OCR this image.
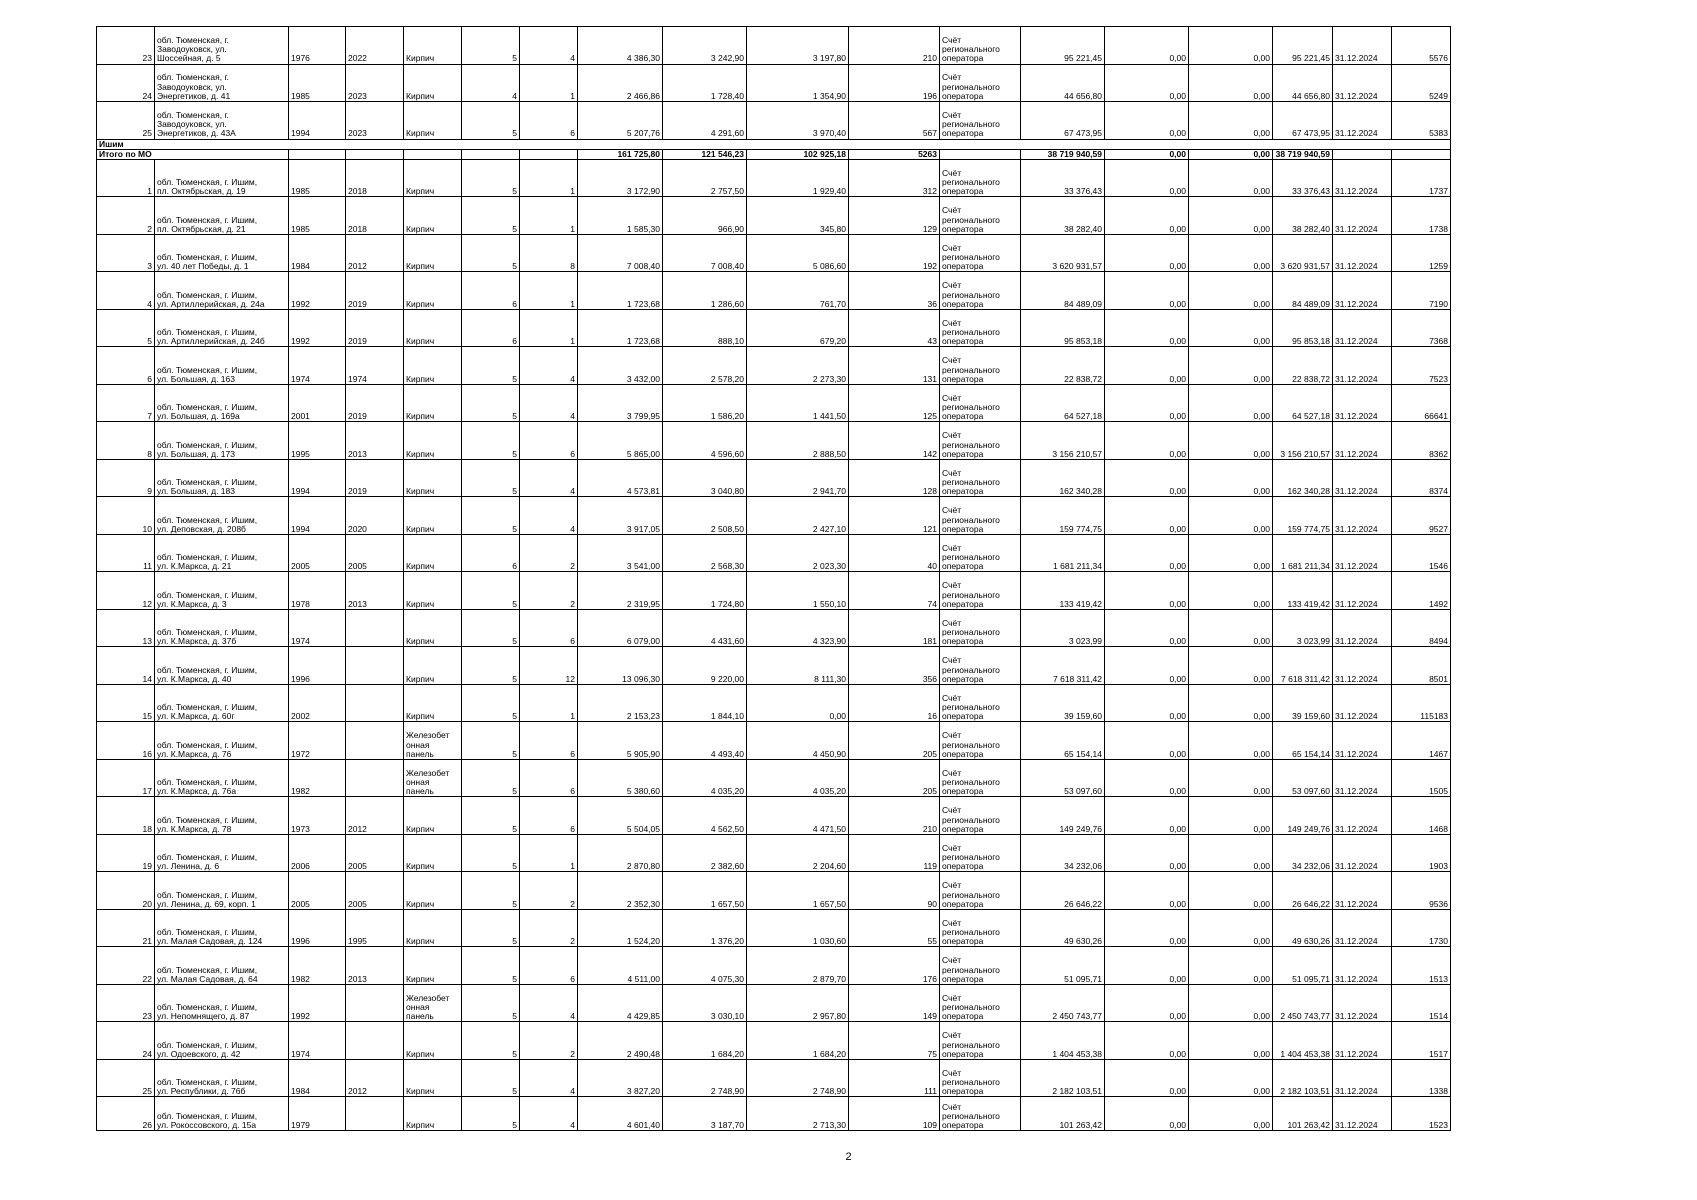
23	обл. Тюменская, г.
Заводоуковск, ул.
Шоссейная, д. 5	1976	2022	Кирпич	5	4	4 386,30	3 242,90	3 197,80	210	Счёт
регионального
оператора	95 221,45	0,00	0,00	95 221,45	31.12.2024	5576
24	обл. Тюменская, г.
Заводоуковск, ул.
Энергетиков, д. 41	1985	2023	Кирпич	4	1	2 466,86	1 728,40	1 354,90	196	Счёт
регионального
оператора	44 656,80	0,00	0,00	44 656,80	31.12.2024	5249
25	обл. Тюменская, г.
Заводоуковск, ул.
Энергетиков, д. 43А	1994	2023	Кирпич	5	6	5 207,76	4 291,60	3 970,40	567	Счёт
регионального
оператора	67 473,95	0,00	0,00	67 473,95	31.12.2024	5383
Ишим																	
Итого по МО							161 725,80	121 546,23	102 925,18	5263		38 719 940,59	0,00	0,00	38 719 940,59		
1	обл. Тюменская, г. Ишим,
пл. Октябрьская, д. 19	1985	2018	Кирпич	5	1	3 172,90	2 757,50	1 929,40	312	Счёт
регионального
оператора	33 376,43	0,00	0,00	33 376,43	31.12.2024	1737
2	обл. Тюменская, г. Ишим,
пл. Октябрьская, д. 21	1985	2018	Кирпич	5	1	1 585,30	966,90	345,80	129	Счёт
регионального
оператора	38 282,40	0,00	0,00	38 282,40	31.12.2024	1738
3	обл. Тюменская, г. Ишим,
ул. 40 лет Победы, д. 1	1984	2012	Кирпич	5	8	7 008,40	7 008,40	5 086,60	192	Счёт
регионального
оператора	3 620 931,57	0,00	0,00	3 620 931,57	31.12.2024	1259
4	обл. Тюменская, г. Ишим,
ул. Артиллерийская, д. 24а	1992	2019	Кирпич	6	1	1 723,68	1 286,60	761,70	36	Счёт
регионального
оператора	84 489,09	0,00	0,00	84 489,09	31.12.2024	7190
5	обл. Тюменская, г. Ишим,
ул. Артиллерийская, д. 24б	1992	2019	Кирпич	6	1	1 723,68	888,10	679,20	43	Счёт
регионального
оператора	95 853,18	0,00	0,00	95 853,18	31.12.2024	7368
6	обл. Тюменская, г. Ишим,
ул. Большая, д. 163	1974	1974	Кирпич	5	4	3 432,00	2 578,20	2 273,30	131	Счёт
регионального
оператора	22 838,72	0,00	0,00	22 838,72	31.12.2024	7523
7	обл. Тюменская, г. Ишим,
ул. Большая, д. 169а	2001	2019	Кирпич	5	4	3 799,95	1 586,20	1 441,50	125	Счёт
регионального
оператора	64 527,18	0,00	0,00	64 527,18	31.12.2024	66641
8	обл. Тюменская, г. Ишим,
ул. Большая, д. 173	1995	2013	Кирпич	5	6	5 865,00	4 596,60	2 888,50	142	Счёт
регионального
оператора	3 156 210,57	0,00	0,00	3 156 210,57	31.12.2024	8362
9	обл. Тюменская, г. Ишим,
ул. Большая, д. 183	1994	2019	Кирпич	5	4	4 573,81	3 040,80	2 941,70	128	Счёт
регионального
оператора	162 340,28	0,00	0,00	162 340,28	31.12.2024	8374
10	обл. Тюменская, г. Ишим,
ул. Деповская, д. 208б	1994	2020	Кирпич	5	4	3 917,05	2 508,50	2 427,10	121	Счёт
регионального
оператора	159 774,75	0,00	0,00	159 774,75	31.12.2024	9527
11	обл. Тюменская, г. Ишим,
ул. К.Маркса, д. 21	2005	2005	Кирпич	6	2	3 541,00	2 568,30	2 023,30	40	Счёт
регионального
оператора	1 681 211,34	0,00	0,00	1 681 211,34	31.12.2024	1546
12	обл. Тюменская, г. Ишим,
ул. К.Маркса, д. 3	1978	2013	Кирпич	5	2	2 319,95	1 724,80	1 550,10	74	Счёт
регионального
оператора	133 419,42	0,00	0,00	133 419,42	31.12.2024	1492
13	обл. Тюменская, г. Ишим,
ул. К.Маркса, д. 37б	1974		Кирпич	5	6	6 079,00	4 431,60	4 323,90	181	Счёт
регионального
оператора	3 023,99	0,00	0,00	3 023,99	31.12.2024	8494
14	обл. Тюменская, г. Ишим,
ул. К.Маркса, д. 40	1996		Кирпич	5	12	13 096,30	9 220,00	8 111,30	356	Счёт
регионального
оператора	7 618 311,42	0,00	0,00	7 618 311,42	31.12.2024	8501
15	обл. Тюменская, г. Ишим,
ул. К.Маркса, д. 60г	2002		Кирпич	5	1	2 153,23	1 844,10	0,00	16	Счёт
регионального
оператора	39 159,60	0,00	0,00	39 159,60	31.12.2024	115183
16	обл. Тюменская, г. Ишим,
ул. К.Маркса, д. 76	1972		Железобет
онная
панель	5	6	5 905,90	4 493,40	4 450,90	205	Счёт
регионального
оператора	65 154,14	0,00	0,00	65 154,14	31.12.2024	1467
17	обл. Тюменская, г. Ишим,
ул. К.Маркса, д. 76а	1982		Железобет
онная
панель	5	6	5 380,60	4 035,20	4 035,20	205	Счёт
регионального
оператора	53 097,60	0,00	0,00	53 097,60	31.12.2024	1505
18	обл. Тюменская, г. Ишим,
ул. К.Маркса, д. 78	1973	2012	Кирпич	5	6	5 504,05	4 562,50	4 471,50	210	Счёт
регионального
оператора	149 249,76	0,00	0,00	149 249,76	31.12.2024	1468
19	обл. Тюменская, г. Ишим,
ул. Ленина, д. 6	2006	2005	Кирпич	5	1	2 870,80	2 382,60	2 204,60	119	Счёт
регионального
оператора	34 232,06	0,00	0,00	34 232,06	31.12.2024	1903
20	обл. Тюменская, г. Ишим,
ул. Ленина, д. 69, корп. 1	2005	2005	Кирпич	5	2	2 352,30	1 657,50	1 657,50	90	Счёт
регионального
оператора	26 646,22	0,00	0,00	26 646,22	31.12.2024	9536
21	обл. Тюменская, г. Ишим,
ул. Малая Садовая, д. 124	1996	1995	Кирпич	5	2	1 524,20	1 376,20	1 030,60	55	Счёт
регионального
оператора	49 630,26	0,00	0,00	49 630,26	31.12.2024	1730
22	обл. Тюменская, г. Ишим,
ул. Малая Садовая, д. 64	1982	2013	Кирпич	5	6	4 511,00	4 075,30	2 879,70	176	Счёт
регионального
оператора	51 095,71	0,00	0,00	51 095,71	31.12.2024	1513
23	обл. Тюменская, г. Ишим,
ул. Непомнящего, д. 87	1992		Железобет
онная
панель	5	4	4 429,85	3 030,10	2 957,80	149	Счёт
регионального
оператора	2 450 743,77	0,00	0,00	2 450 743,77	31.12.2024	1514
24	обл. Тюменская, г. Ишим,
ул. Одоевского, д. 42	1974		Кирпич	5	2	2 490,48	1 684,20	1 684,20	75	Счёт
регионального
оператора	1 404 453,38	0,00	0,00	1 404 453,38	31.12.2024	1517
25	обл. Тюменская, г. Ишим,
ул. Республики, д. 76б	1984	2012	Кирпич	5	4	3 827,20	2 748,90	2 748,90	111	Счёт
регионального
оператора	2 182 103,51	0,00	0,00	2 182 103,51	31.12.2024	1338
26	обл. Тюменская, г. Ишим,
ул. Рокоссовского, д. 15а	1979		Кирпич	5	4	4 601,40	3 187,70	2 713,30	109	Счёт
регионального
оператора	101 263,42	0,00	0,00	101 263,42	31.12.2024	1523
2
